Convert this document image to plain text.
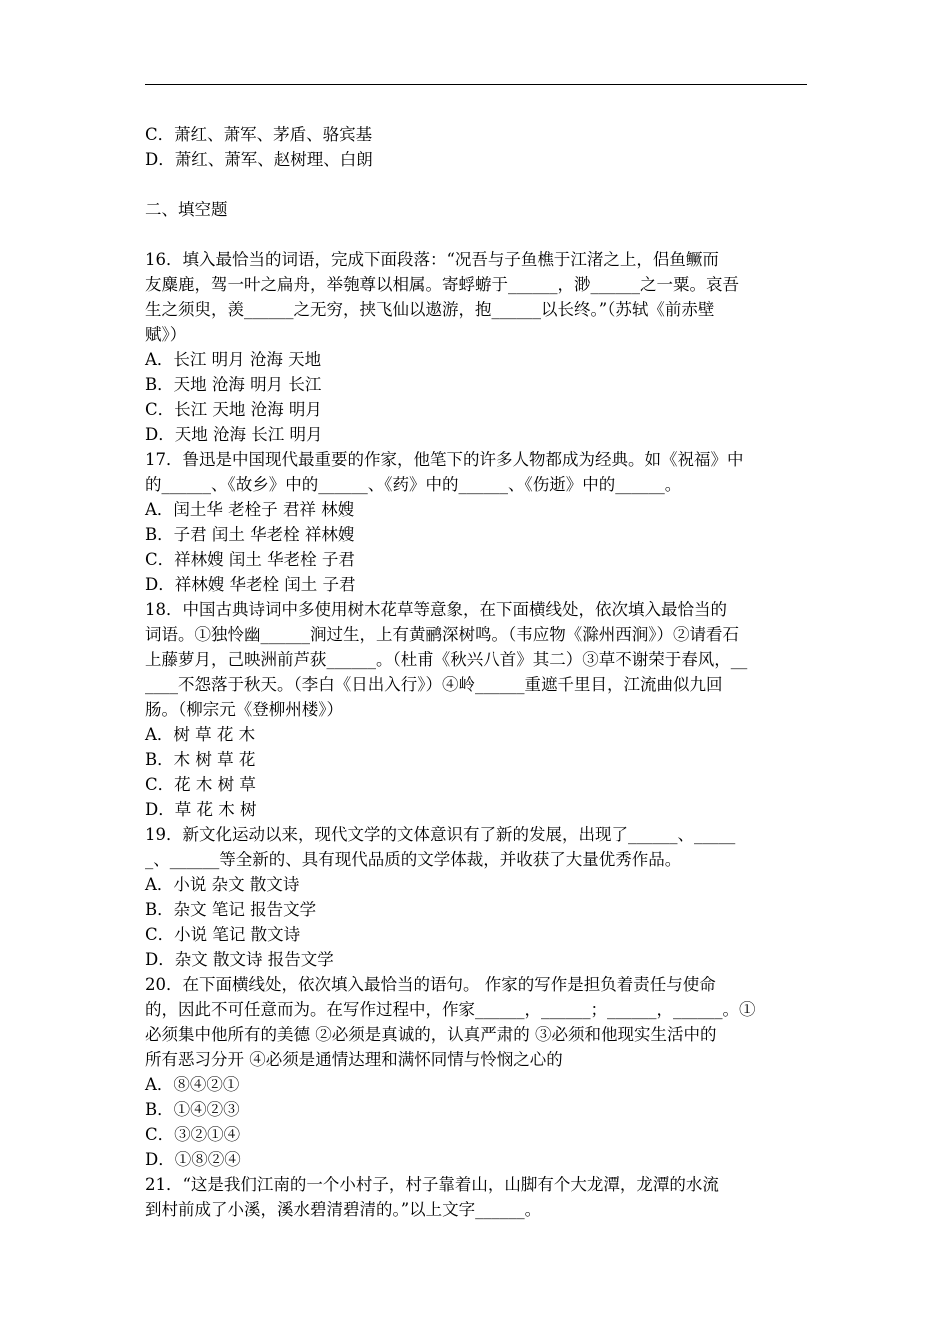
C．萧红、萧军、茅盾、骆宾基
D．萧红、萧军、赵树理、白朗
二、填空题
16．填入最恰当的词语，完成下面段落：“况吾与子鱼樵于江渚之上，侣鱼鳜而
友麋鹿，驾一叶之扁舟，举匏尊以相属。寄蜉蝣于______，渺______之一粟。哀吾
生之须臾，羡______之无穷，挟飞仙以遨游，抱______以长终。”（苏轼《前赤壁
赋》）
A．长江 明月 沧海 天地
B．天地 沧海 明月 长江
C．长江 天地 沧海 明月
D．天地 沧海 长江 明月
17．鲁迅是中国现代最重要的作家，他笔下的许多人物都成为经典。如《祝福》中
的______、《故乡》中的______、《药》中的______、《伤逝》中的______。
A．闰土华 老栓子 君祥 林嫂
B．子君 闰土 华老栓 祥林嫂
C．祥林嫂 闰土 华老栓 子君
D．祥林嫂 华老栓 闰土 子君
18．中国古典诗词中多使用树木花草等意象，在下面横线处，依次填入最恰当的
词语。①独怜幽______涧过生，上有黄鹂深树鸣。（韦应物《滁州西涧》）②请看石
上藤萝月，己映洲前芦荻______。（杜甫《秋兴八首》其二）③草不谢荣于春风，__
____不怨落于秋天。（李白《日出入行》）④岭______重遮千里目，江流曲似九回
肠。（柳宗元《登柳州楼》）
A．树 草 花 木
B．木 树 草 花
C．花 木 树 草
D．草 花 木 树
19．新文化运动以来，现代文学的文体意识有了新的发展，出现了______、_____
_、______等全新的、具有现代品质的文学体裁，并收获了大量优秀作品。
A．小说 杂文 散文诗
B．杂文 笔记 报告文学
C．小说 笔记 散文诗
D．杂文 散文诗 报告文学
20．在下面横线处，依次填入最恰当的语句。 作家的写作是担负着责任与使命
的，因此不可任意而为。在写作过程中，作家______，______；______，______。①
必须集中他所有的美德 ②必须是真诚的，认真严肃的 ③必须和他现实生活中的
所有恶习分开 ④必须是通情达理和满怀同情与怜悯之心的
A．⑧④②①
B．①④②③
C．③②①④
D．①⑧②④
21．“这是我们江南的一个小村子，村子靠着山，山脚有个大龙潭，龙潭的水流
到村前成了小溪，溪水碧清碧清的。”以上文字______。
